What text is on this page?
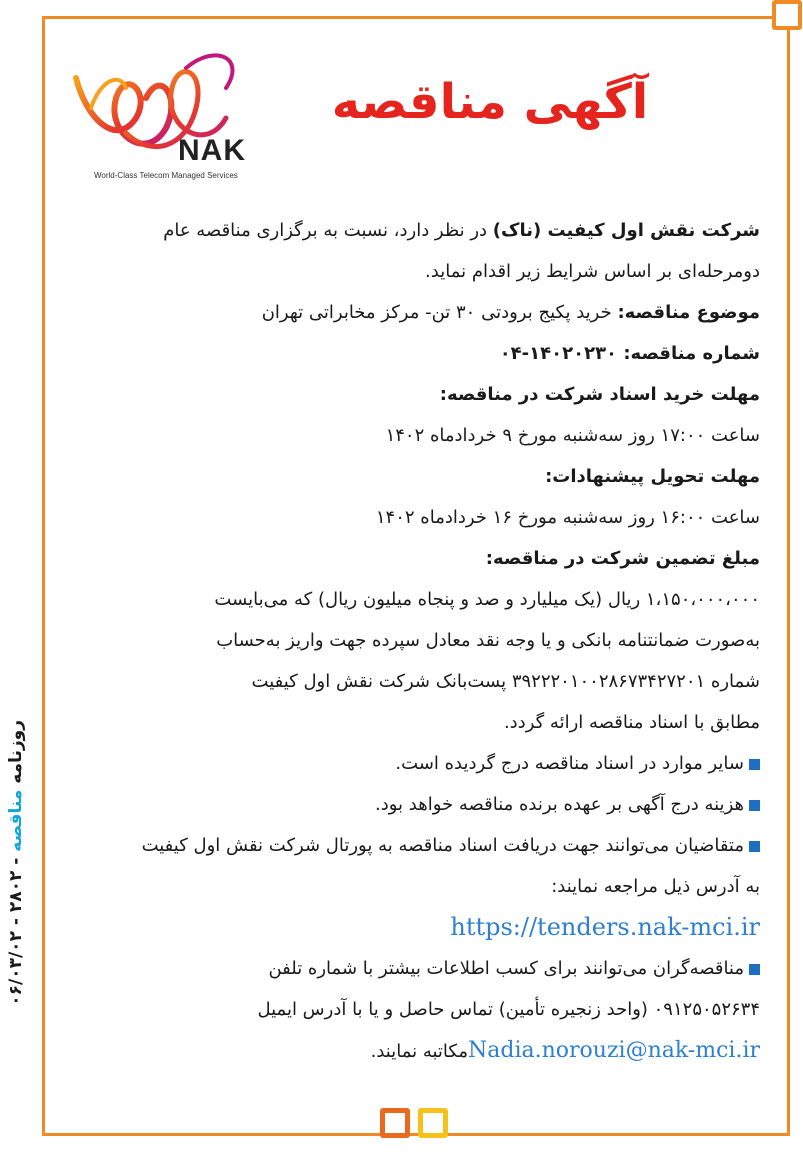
NAK
World-Class Telecom Managed Services
آگهی مناقصه
شرکت نقش اول کیفیت (ناک) در نظر دارد، نسبت به برگزاری مناقصه عام
دومرحله‌ای بر اساس شرایط زیر اقدام نماید.
موضوع مناقصه: خرید پکیج برودتی ۳۰ تن- مرکز مخابراتی تهران
شماره مناقصه: ۱۴۰۲۰۲۳۰-۰۴
مهلت خرید اسناد شرکت در مناقصه:
ساعت ۱۷:۰۰ روز سه‌شنبه مورخ ۹ خردادماه ۱۴۰۲
مهلت تحویل پیشنهادات:
ساعت ۱۶:۰۰ روز سه‌شنبه مورخ ۱۶ خردادماه ۱۴۰۲
مبلغ تضمین شرکت در مناقصه:
۱،۱۵۰،۰۰۰،۰۰۰ ریال (یک میلیارد و صد و پنجاه میلیون ریال) که می‌بایست
به‌صورت ضمانتنامه بانکی و یا وجه نقد معادل سپرده جهت واریز به‌حساب
شماره ۳۹۲۲۲۰۱۰۰۲۸۶۷۳۴۲۷۲۰۱ پست‌بانک شرکت نقش اول کیفیت
مطابق با اسناد مناقصه ارائه گردد.
سایر موارد در اسناد مناقصه درج گردیده است.
هزینه درج آگهی بر عهده برنده مناقصه خواهد بود.
متقاضیان می‌توانند جهت دریافت اسناد مناقصه به پورتال شرکت نقش اول کیفیت
به آدرس ذیل مراجعه نمایند:
https://tenders.nak-mci.ir
مناقصه‌گران می‌توانند برای کسب اطلاعات بیشتر با شماره تلفن
۰۹۱۲۵۰۵۲۶۳۴ (واحد زنجیره تأمین) تماس حاصل و یا با آدرس ایمیل
Nadia.norouzi@nak-mci.irمکاتبه نمایند.
روزنامه مناقصه - ۲۸۰۲ - ۰۶/۰۳/۰۲
